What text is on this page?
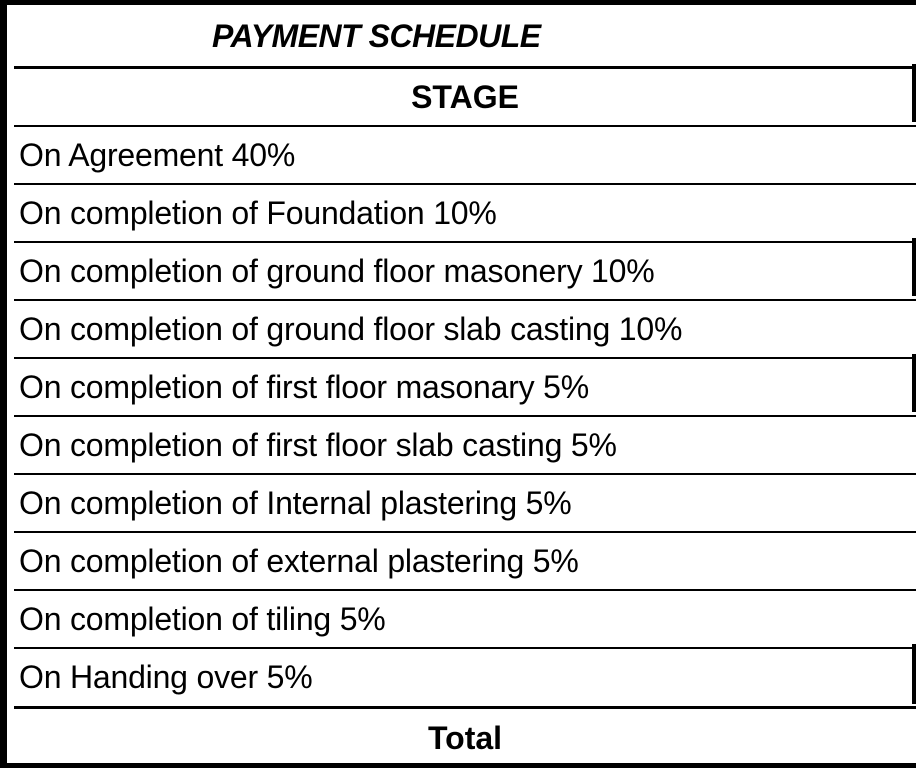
PAYMENT SCHEDULE
STAGE
On Agreement 40%
On completion of Foundation 10%
On completion of ground floor masonery 10%
On completion of ground floor slab casting 10%
On completion of first floor masonary 5%
On completion of first floor slab casting 5%
On completion of Internal plastering 5%
On completion of external plastering 5%
On completion of tiling 5%
On Handing over 5%
Total
